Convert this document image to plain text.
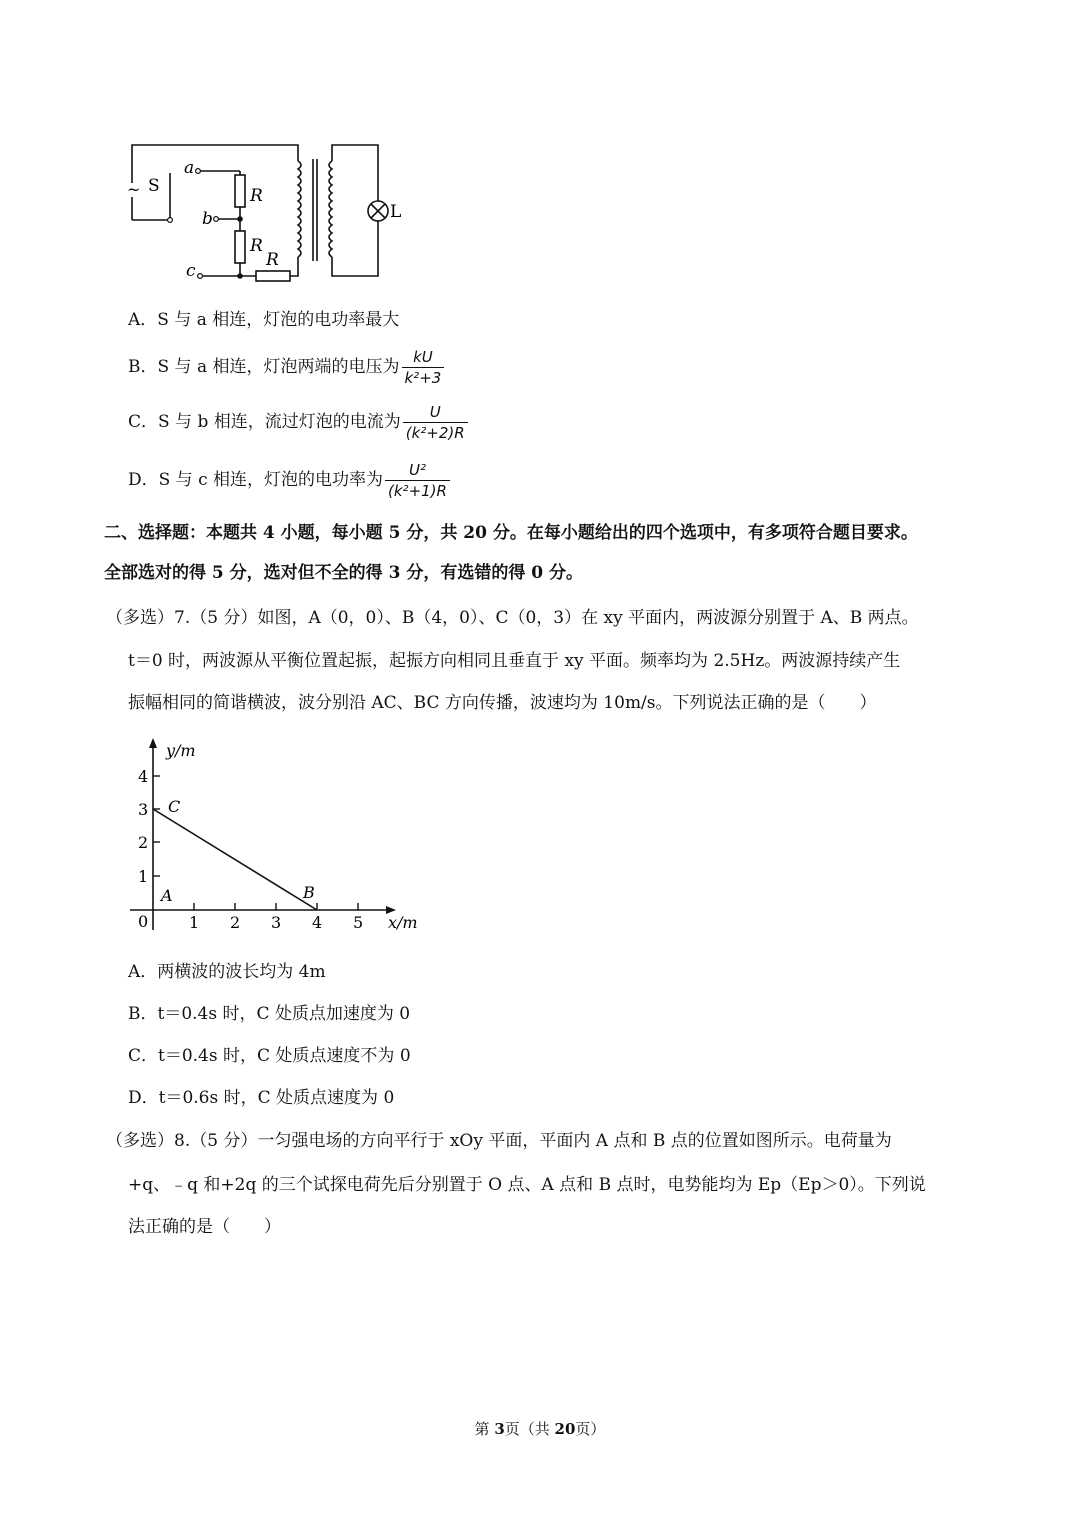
~ S
a
b
c
R
R
R
L
A．S 与 a 相连，灯泡的电功率最大
B．S 与 a 相连，灯泡两端的电压为 $\frac{kU}{\text{k²+3}}$
C．S 与 b 相连，流过灯泡的电流为 $\frac{U}{\text{(k²+2)R}}$
D．S 与 c 相连，灯泡的电功率为 $\frac{\text{U²}}{\text{(k²+1)R}}$
二、选择题：本题共 4 小题，每小题 5 分，共 20 分。在每小题给出的四个选项中，有多项符合题目要求。
全部选对的得 5 分，选对但不全的得 3 分，有选错的得 0 分。
（多选）7.（5 分）如图，A（0，0）、B（4，0）、C（0，3）在 xy 平面内，两波源分别置于 A、B 两点。
t＝0 时，两波源从平衡位置起振，起振方向相同且垂直于 xy 平面。频率均为 2.5Hz。两波源持续产生
振幅相同的简谐横波，波分别沿 AC、BC 方向传播，波速均为 10m/s。下列说法正确的是（　　）
y/m
x/m
0
1
2
3
4
1 2 3 4 5
A	B
C
A．两横波的波长均为 4m
B．t＝0.4s 时，C 处质点加速度为 0
C．t＝0.4s 时，C 处质点速度不为 0
D．t＝0.6s 时，C 处质点速度为 0
（多选）8.（5 分）一匀强电场的方向平行于 xOy 平面，平面内 A 点和 B 点的位置如图所示。电荷量为
+q、﹣q 和+2q 的三个试探电荷先后分别置于 O 点、A 点和 B 点时，电势能均为 Ep（Ep＞0）。下列说
法正确的是（　　）
第 3页（共 20页）
